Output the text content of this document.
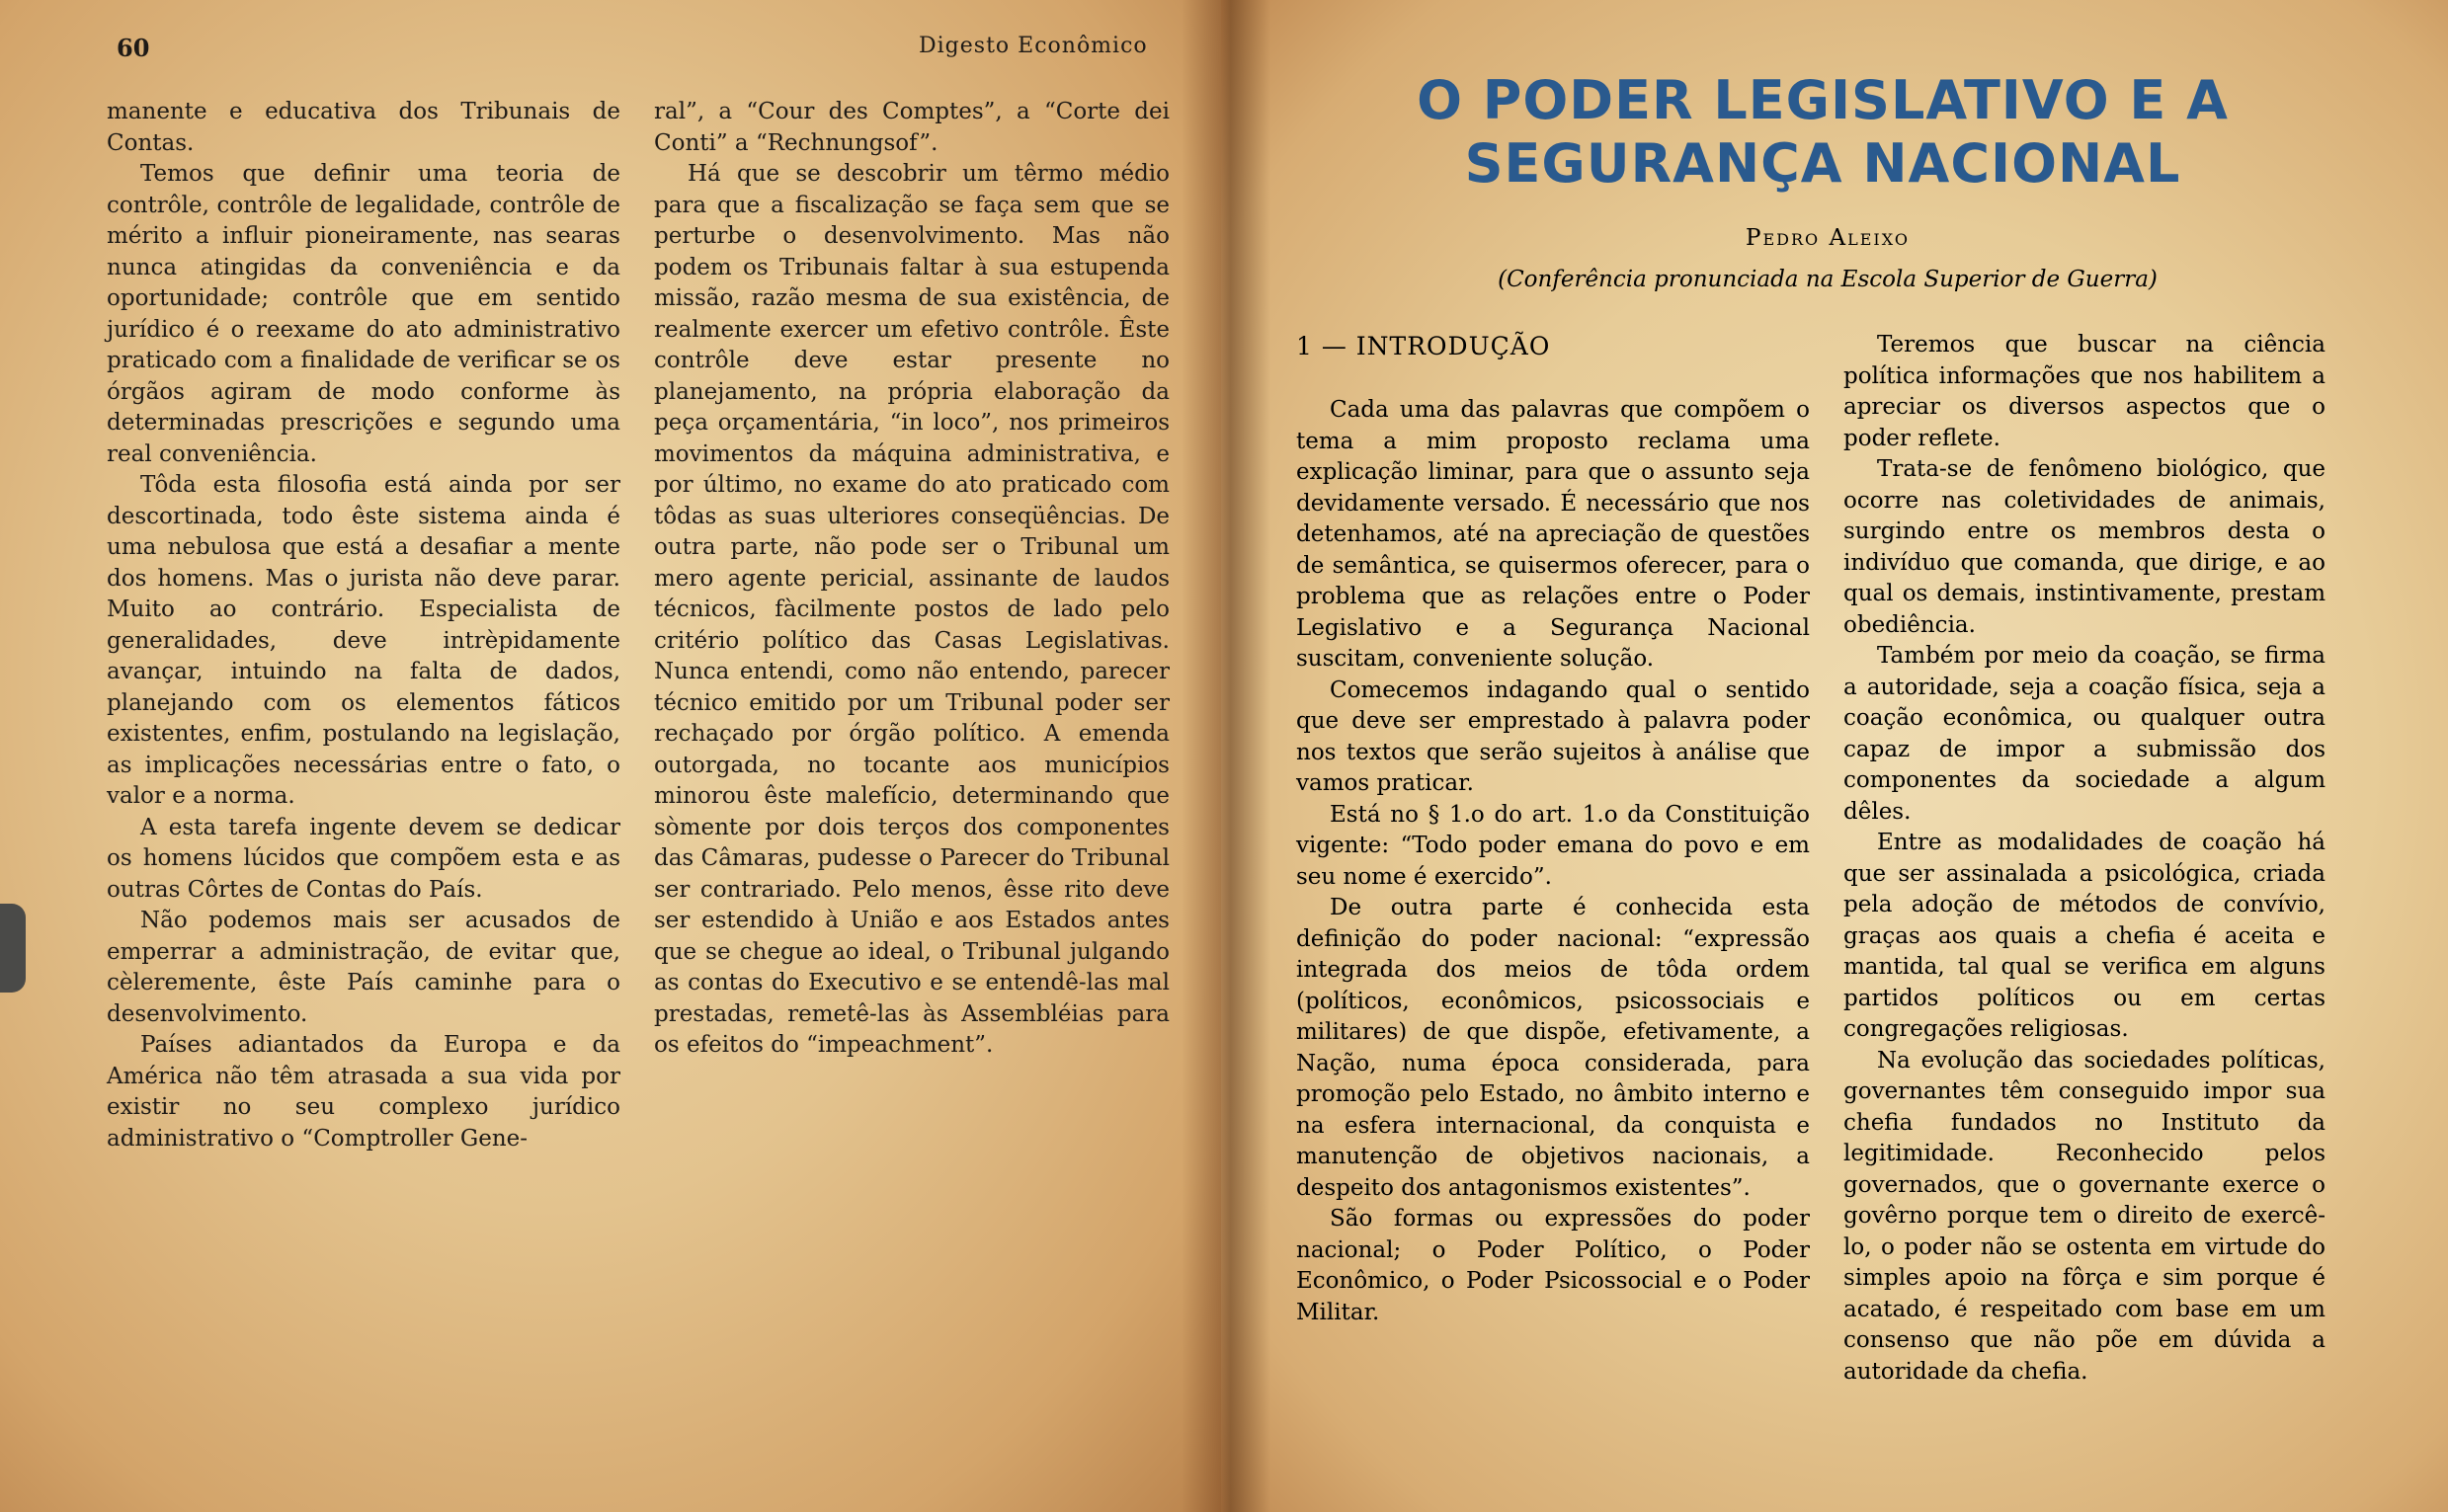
60	Digesto Econômico

manente e educativa dos Tribunais de Contas.

Temos que definir uma teoria de contrôle, contrôle de legalidade, contrôle de mérito a influir pioneiramente, nas searas nunca atingidas da conveniência e da oportunidade; contrôle que em sentido jurídico é o reexame do ato administrativo praticado com a finalidade de verificar se os órgãos agiram de modo conforme às determinadas prescrições e segundo uma real conveniência.

Tôda esta filosofia está ainda por ser descortinada, todo êste sistema ainda é uma nebulosa que está a desafiar a mente dos homens. Mas o jurista não deve parar. Muito ao contrário. Especialista de generalidades, deve intrèpidamente avançar, intuindo na falta de dados, planejando com os elementos fáticos existentes, enfim, postulando na legislação, as implicações necessárias entre o fato, o valor e a norma.

A esta tarefa ingente devem se dedicar os homens lúcidos que compõem esta e as outras Côrtes de Contas do País.

Não podemos mais ser acusados de emperrar a administração, de evitar que, cèleremente, êste País caminhe para o desenvolvimento.

Países adiantados da Europa e da América não têm atrasada a sua vida por existir no seu complexo jurídico administrativo o “Comptroller Gene-

ral”, a “Cour des Comptes”, a “Corte dei Conti” a “Rechnungsof”.

Há que se descobrir um têrmo médio para que a fiscalização se faça sem que se perturbe o desenvolvimento. Mas não podem os Tribunais faltar à sua estupenda missão, razão mesma de sua existência, de realmente exercer um efetivo contrôle. Êste contrôle deve estar presente no planejamento, na própria elaboração da peça orçamentária, “in loco”, nos primeiros movimentos da máquina administrativa, e por último, no exame do ato praticado com tôdas as suas ulteriores conseqüências. De outra parte, não pode ser o Tribunal um mero agente pericial, assinante de laudos técnicos, fàcilmente postos de lado pelo critério político das Casas Legislativas. Nunca entendi, como não entendo, parecer técnico emitido por um Tribunal poder ser rechaçado por órgão político. A emenda outorgada, no tocante aos municípios minorou êste malefício, determinando que sòmente por dois terços dos componentes das Câmaras, pudesse o Parecer do Tribunal ser contrariado. Pelo menos, êsse rito deve ser estendido à União e aos Estados antes que se chegue ao ideal, o Tribunal julgando as contas do Executivo e se entendê-las mal prestadas, remetê-las às Assembléias para os efeitos do “impeachment”.

O PODER LEGISLATIVO E A SEGURANÇA NACIONAL
Pedro Aleixo
(Conferência pronunciada na Escola Superior de Guerra)
1 — INTRODUÇÃO

Cada uma das palavras que compõem o tema a mim proposto reclama uma explicação liminar, para que o assunto seja devidamente versado. É necessário que nos detenhamos, até na apreciação de questões de semântica, se quisermos oferecer, para o problema que as relações entre o Poder Legislativo e a Segurança Nacional suscitam, conveniente solução.

Comecemos indagando qual o sentido que deve ser emprestado à palavra poder nos textos que serão sujeitos à análise que vamos praticar.

Está no § 1.o do art. 1.o da Constituição vigente: “Todo poder emana do povo e em seu nome é exercido”.

De outra parte é conhecida esta definição do poder nacional: “expressão integrada dos meios de tôda ordem (políticos, econômicos, psicossociais e militares) de que dispõe, efetivamente, a Nação, numa época considerada, para promoção pelo Estado, no âmbito interno e na esfera internacional, da conquista e manutenção de objetivos nacionais, a despeito dos antagonismos existentes”.

São formas ou expressões do poder nacional; o Poder Político, o Poder Econômico, o Poder Psicossocial e o Poder Militar.

Teremos que buscar na ciência política informações que nos habilitem a apreciar os diversos aspectos que o poder reflete.

Trata-se de fenômeno biológico, que ocorre nas coletividades de animais, surgindo entre os membros desta o indivíduo que comanda, que dirige, e ao qual os demais, instintivamente, prestam obediência.

Também por meio da coação, se firma a autoridade, seja a coação física, seja a coação econômica, ou qualquer outra capaz de impor a submissão dos componentes da sociedade a algum dêles.

Entre as modalidades de coação há que ser assinalada a psicológica, criada pela adoção de métodos de convívio, graças aos quais a chefia é aceita e mantida, tal qual se verifica em alguns partidos políticos ou em certas congregações religiosas.

Na evolução das sociedades políticas, governantes têm conseguido impor sua chefia fundados no Instituto da legitimidade. Reconhecido pelos governados, que o governante exerce o govêrno porque tem o direito de exercê-lo, o poder não se ostenta em virtude do simples apoio na fôrça e sim porque é acatado, é respeitado com base em um consenso que não põe em dúvida a autoridade da chefia.
